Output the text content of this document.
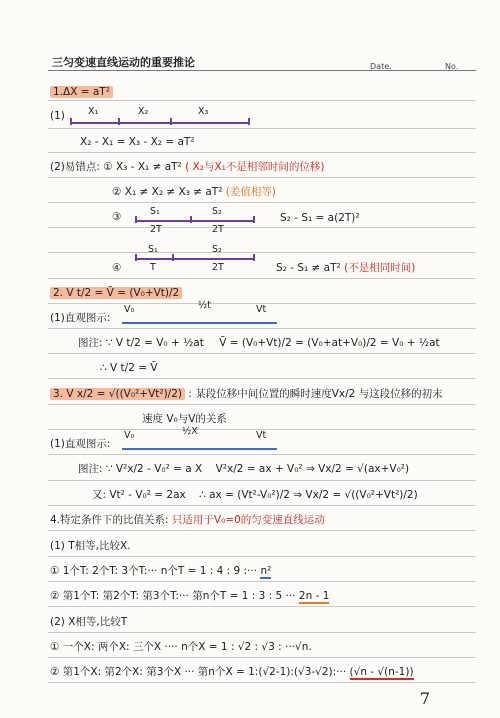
三匀变速直线运动的重要推论	Date.	No.
1.ΔX = aT²
(1) X₁	X₂	X₃
X₂ - X₁ = X₃ - X₂ = aT²
(2)易错点: ① X₃ - X₁ ≠ aT² ( X₂与X₁不是相邻时间的位移)
② X₁ ≠ X₂ ≠ X₃ ≠ aT² (差值相等)
③	S₁	S₂
2T	2T
S₂ - S₁ = a(2T)²
④
S₁	S₂
T	2T	S₂ - S₁ ≠ aT² (不是相同时间)
2. V t/2 = V̄ = (V₀+Vt)/2
(1)直观图示:
V₀	½t	Vt
图注: ∵ V t/2 = V₀ + ½at V̄ = (V₀+Vt)/2 = (V₀+at+V₀)/2 = V₀ + ½at
∴ V t/2 = V̄
3. V x/2 = √((V₀²+Vt²)/2) : 某段位移中间位置的瞬时速度Vx/2 与这段位移的初末
速度 V₀与V的关系
(1)直观图示:
V₀	½X	Vt
图注: ∵ V²x/2 - V₀² = a X V²x/2 = ax + V₀² ⇒ Vx/2 = √(ax+V₀²)
又: Vt² - V₀² = 2ax ∴ ax = (Vt²-V₀²)/2 ⇒ Vx/2 = √((V₀²+Vt²)/2)
4.特定条件下的比值关系: 只适用于V₀=0的匀变速直线运动
(1) T相等,比较X.
① 1个T: 2个T: 3个T:··· n个T = 1 : 4 : 9 :··· n²
② 第1个T: 第2个T: 第3个T:··· 第n个T = 1 : 3 : 5 ··· 2n - 1
(2) X相等,比较T
① 一个X: 两个X: 三个X ···· n个X = 1 : √2 : √3 : ···√n.
② 第1个X: 第2个X: 第3个X ··· 第n个X = 1:(√2-1):(√3-√2):··· (√n - √(n-1))
7
